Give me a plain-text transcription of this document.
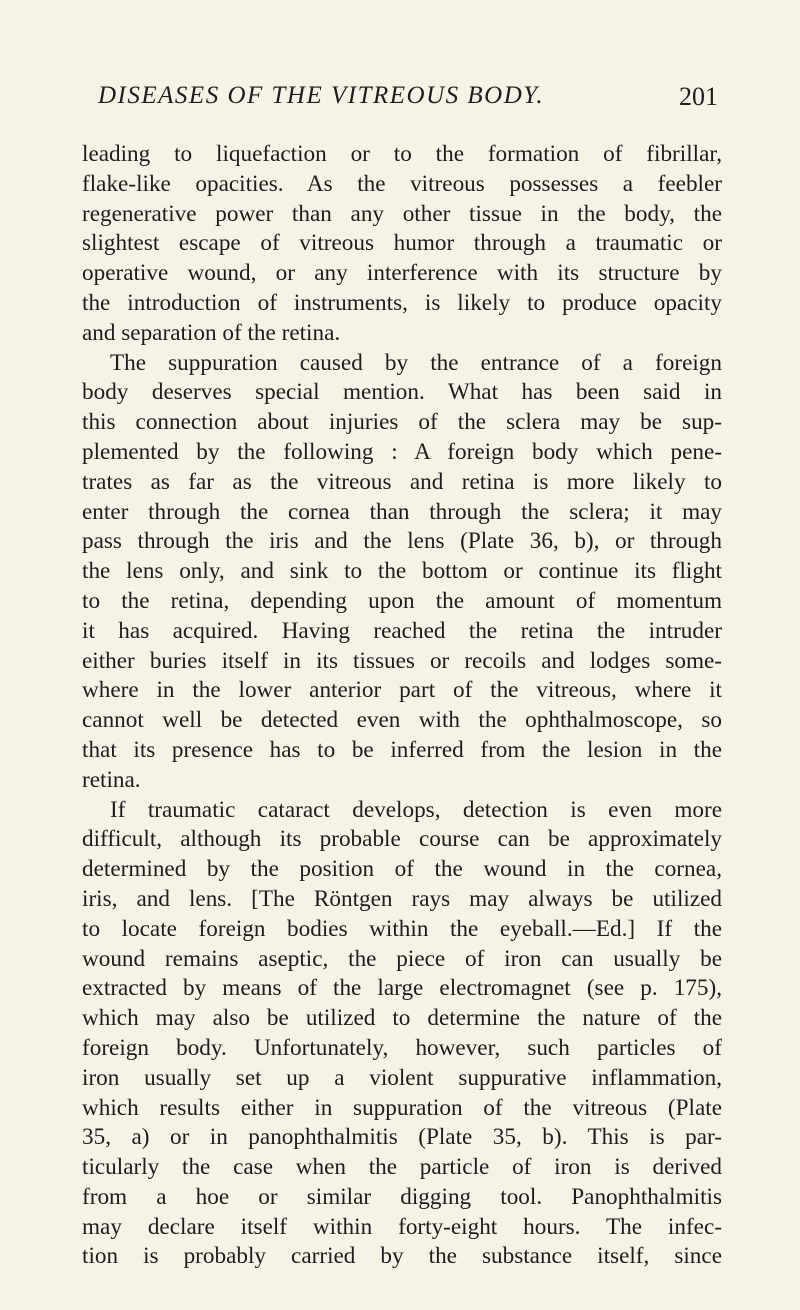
DISEASES OF THE VITREOUS BODY.	201
leading to liquefaction or to the formation of fibrillar,
flake-like opacities. As the vitreous possesses a feebler
regenerative power than any other tissue in the body, the
slightest escape of vitreous humor through a traumatic or
operative wound, or any interference with its structure by
the introduction of instruments, is likely to produce opacity
and separation of the retina.
The suppuration caused by the entrance of a foreign
body deserves special mention. What has been said in
this connection about injuries of the sclera may be sup-
plemented by the following : A foreign body which pene-
trates as far as the vitreous and retina is more likely to
enter through the cornea than through the sclera; it may
pass through the iris and the lens (Plate 36, b), or through
the lens only, and sink to the bottom or continue its flight
to the retina, depending upon the amount of momentum
it has acquired. Having reached the retina the intruder
either buries itself in its tissues or recoils and lodges some-
where in the lower anterior part of the vitreous, where it
cannot well be detected even with the ophthalmoscope, so
that its presence has to be inferred from the lesion in the
retina.
If traumatic cataract develops, detection is even more
difficult, although its probable course can be approximately
determined by the position of the wound in the cornea,
iris, and lens. [The Röntgen rays may always be utilized
to locate foreign bodies within the eyeball.—Ed.] If the
wound remains aseptic, the piece of iron can usually be
extracted by means of the large electromagnet (see p. 175),
which may also be utilized to determine the nature of the
foreign body. Unfortunately, however, such particles of
iron usually set up a violent suppurative inflammation,
which results either in suppuration of the vitreous (Plate
35, a) or in panophthalmitis (Plate 35, b). This is par-
ticularly the case when the particle of iron is derived
from a hoe or similar digging tool. Panophthalmitis
may declare itself within forty-eight hours. The infec-
tion is probably carried by the substance itself, since
